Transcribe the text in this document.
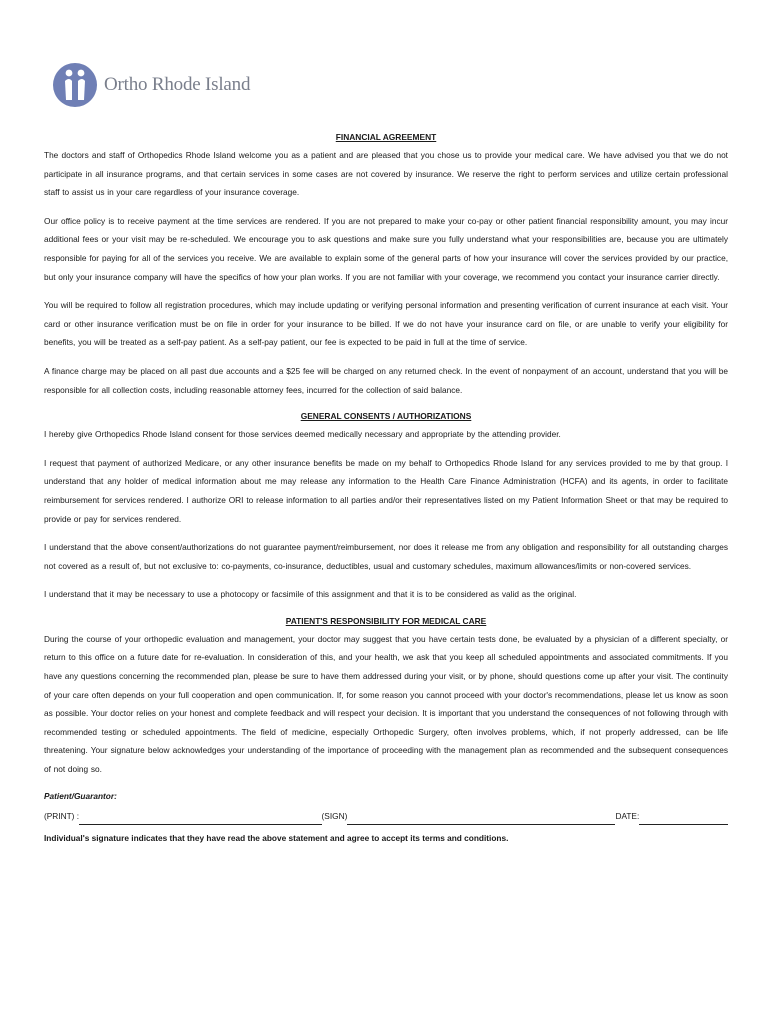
Ortho Rhode Island
FINANCIAL AGREEMENT

The doctors and staff of Orthopedics Rhode Island welcome you as a patient and are pleased that you chose us to provide your medical care. We have advised you that we do not participate in all insurance programs, and that certain services in some cases are not covered by insurance. We reserve the right to perform services and utilize certain professional staff to assist us in your care regardless of your insurance coverage.

Our office policy is to receive payment at the time services are rendered. If you are not prepared to make your co-pay or other patient financial responsibility amount, you may incur additional fees or your visit may be re-scheduled. We encourage you to ask questions and make sure you fully understand what your responsibilities are, because you are ultimately responsible for paying for all of the services you receive. We are available to explain some of the general parts of how your insurance will cover the services provided by our practice, but only your insurance company will have the specifics of how your plan works. If you are not familiar with your coverage, we recommend you contact your insurance carrier directly.

You will be required to follow all registration procedures, which may include updating or verifying personal information and presenting verification of current insurance at each visit. Your card or other insurance verification must be on file in order for your insurance to be billed. If we do not have your insurance card on file, or are unable to verify your eligibility for benefits, you will be treated as a self-pay patient. As a self-pay patient, our fee is expected to be paid in full at the time of service.

A finance charge may be placed on all past due accounts and a $25 fee will be charged on any returned check. In the event of nonpayment of an account, understand that you will be responsible for all collection costs, including reasonable attorney fees, incurred for the collection of said balance.

GENERAL CONSENTS / AUTHORIZATIONS

I hereby give Orthopedics Rhode Island consent for those services deemed medically necessary and appropriate by the attending provider.

I request that payment of authorized Medicare, or any other insurance benefits be made on my behalf to Orthopedics Rhode Island for any services provided to me by that group. I understand that any holder of medical information about me may release any information to the Health Care Finance Administration (HCFA) and its agents, in order to facilitate reimbursement for services rendered. I authorize ORI to release information to all parties and/or their representatives listed on my Patient Information Sheet or that may be required to provide or pay for services rendered.

I understand that the above consent/authorizations do not guarantee payment/reimbursement, nor does it release me from any obligation and responsibility for all outstanding charges not covered as a result of, but not exclusive to: co-payments, co-insurance, deductibles, usual and customary schedules, maximum allowances/limits or non-covered services.

I understand that it may be necessary to use a photocopy or facsimile of this assignment and that it is to be considered as valid as the original.

PATIENT'S RESPONSIBILITY FOR MEDICAL CARE

During the course of your orthopedic evaluation and management, your doctor may suggest that you have certain tests done, be evaluated by a physician of a different specialty, or return to this office on a future date for re-evaluation. In consideration of this, and your health, we ask that you keep all scheduled appointments and associated commitments. If you have any questions concerning the recommended plan, please be sure to have them addressed during your visit, or by phone, should questions come up after your visit. The continuity of your care often depends on your full cooperation and open communication. If, for some reason you cannot proceed with your doctor's recommendations, please let us know as soon as possible. Your doctor relies on your honest and complete feedback and will respect your decision. It is important that you understand the consequences of not following through with recommended testing or scheduled appointments. The field of medicine, especially Orthopedic Surgery, often involves problems, which, if not properly addressed, can be life threatening. Your signature below acknowledges your understanding of the importance of proceeding with the management plan as recommended and the subsequent consequences of not doing so.

Patient/Guarantor:
(PRINT) :	(SIGN)	DATE:
Individual's signature indicates that they have read the above statement and agree to accept its terms and conditions.
